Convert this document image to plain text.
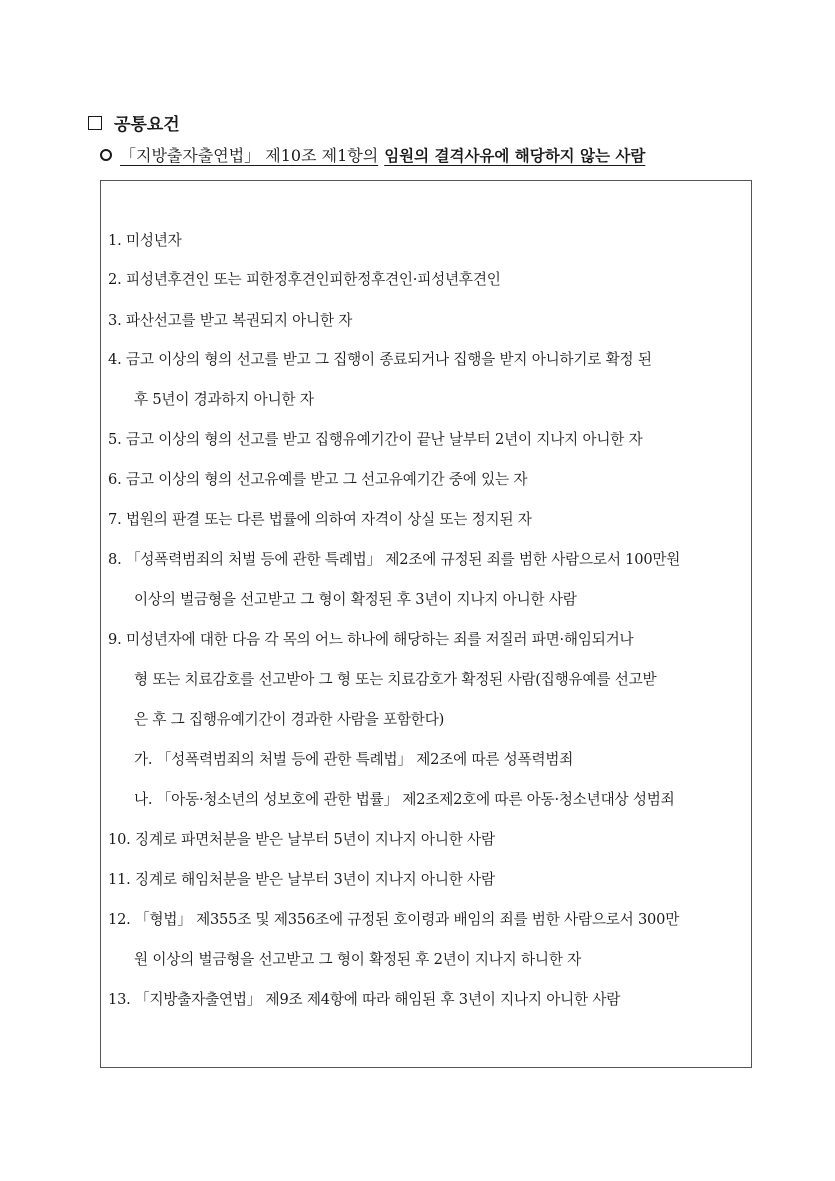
공통요건
「지방출자출연법」 제10조 제1항의 임원의 결격사유에 해당하지 않는 사람
1. 미성년자
2. 피성년후견인 또는 피한정후견인피한정후견인·피성년후견인
3. 파산선고를 받고 복권되지 아니한 자
4. 금고 이상의 형의 선고를 받고 그 집행이 종료되거나 집행을 받지 아니하기로 확정 된
후 5년이 경과하지 아니한 자
5. 금고 이상의 형의 선고를 받고 집행유예기간이 끝난 날부터 2년이 지나지 아니한 자
6. 금고 이상의 형의 선고유예를 받고 그 선고유예기간 중에 있는 자
7. 법원의 판결 또는 다른 법률에 의하여 자격이 상실 또는 정지된 자
8. 「성폭력범죄의 처벌 등에 관한 특례법」 제2조에 규정된 죄를 범한 사람으로서 100만원
이상의 벌금형을 선고받고 그 형이 확정된 후 3년이 지나지 아니한 사람
9. 미성년자에 대한 다음 각 목의 어느 하나에 해당하는 죄를 저질러 파면·해임되거나
형 또는 치료감호를 선고받아 그 형 또는 치료감호가 확정된 사람(집행유예를 선고받
은 후 그 집행유예기간이 경과한 사람을 포함한다)
가. 「성폭력범죄의 처벌 등에 관한 특례법」 제2조에 따른 성폭력범죄
나. 「아동·청소년의 성보호에 관한 법률」 제2조제2호에 따른 아동·청소년대상 성범죄
10. 징계로 파면처분을 받은 날부터 5년이 지나지 아니한 사람
11. 징계로 해임처분을 받은 날부터 3년이 지나지 아니한 사람
12. 「형법」 제355조 및 제356조에 규정된 호이령과 배임의 죄를 범한 사람으로서 300만
원 이상의 벌금형을 선고받고 그 형이 확정된 후 2년이 지나지 하니한 자
13. 「지방출자출연법」 제9조 제4항에 따라 해임된 후 3년이 지나지 아니한 사람
